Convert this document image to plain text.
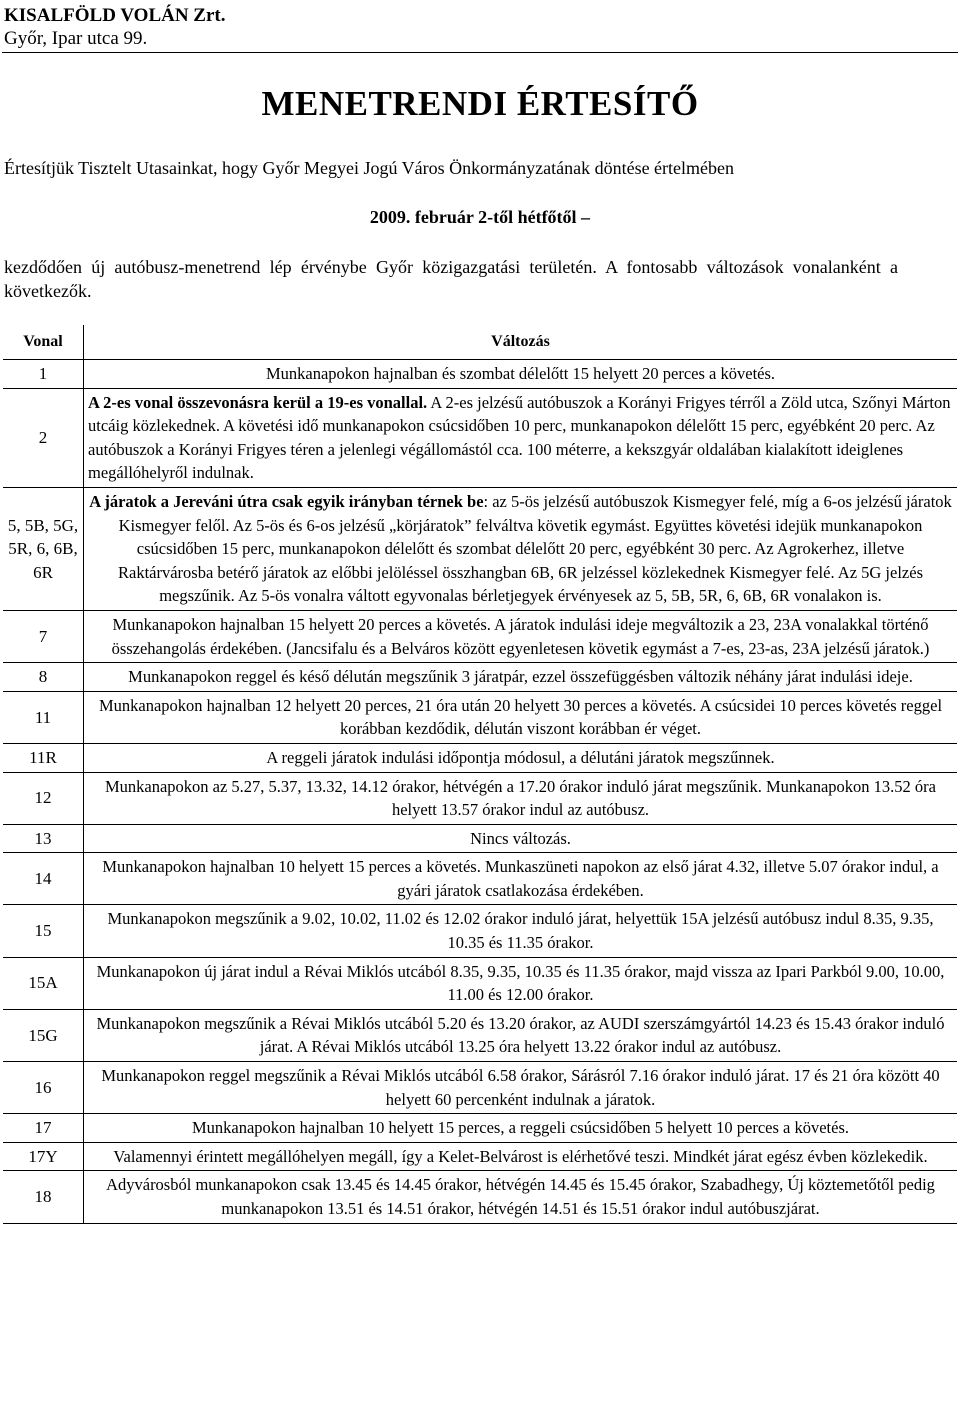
KISALFÖLD VOLÁN Zrt.
Győr, Ipar utca 99.
MENETRENDI ÉRTESÍTŐ
Értesítjük Tisztelt Utasainkat, hogy Győr Megyei Jogú Város Önkormányzatának döntése értelmében
2009. február 2-től hétfőtől –
kezdődően új autóbusz-menetrend lép érvénybe Győr közigazgatási területén. A fontosabb változások vonalanként a következők.
Vonal	Változás
1	Munkanapokon hajnalban és szombat délelőtt 15 helyett 20 perces a követés.
2	A 2-es vonal összevonásra kerül a 19-es vonallal. A 2-es jelzésű autóbuszok a Korányi Frigyes térről a Zöld utca, Szőnyi Márton utcáig közlekednek. A követési idő munkanapokon csúcsidőben 10 perc, munkanapokon délelőtt 15 perc, egyébként 20 perc. Az autóbuszok a Korányi Frigyes téren a jelenlegi végállomástól cca. 100 méterre, a kekszgyár oldalában kialakított ideiglenes megállóhelyről indulnak.
5, 5B, 5G, 5R, 6, 6B, 6R	A járatok a Jereváni útra csak egyik irányban térnek be: az 5-ös jelzésű autóbuszok Kismegyer felé, míg a 6-os jelzésű járatok Kismegyer felől. Az 5-ös és 6-os jelzésű „körjáratok” felváltva követik egymást. Együttes követési idejük munkanapokon csúcsidőben 15 perc, munkanapokon délelőtt és szombat délelőtt 20 perc, egyébként 30 perc. Az Agrokerhez, illetve Raktárvárosba betérő járatok az előbbi jelöléssel összhangban 6B, 6R jelzéssel közlekednek Kismegyer felé. Az 5G jelzés megszűnik. Az 5-ös vonalra váltott egyvonalas bérletjegyek érvényesek az 5, 5B, 5R, 6, 6B, 6R vonalakon is.
7	Munkanapokon hajnalban 15 helyett 20 perces a követés. A járatok indulási ideje megváltozik a 23, 23A vonalakkal történő összehangolás érdekében. (Jancsifalu és a Belváros között egyenletesen követik egymást a 7-es, 23-as, 23A jelzésű járatok.)
8	Munkanapokon reggel és késő délután megszűnik 3 járatpár, ezzel összefüggésben változik néhány járat indulási ideje.
11	Munkanapokon hajnalban 12 helyett 20 perces, 21 óra után 20 helyett 30 perces a követés. A csúcsidei 10 perces követés reggel korábban kezdődik, délután viszont korábban ér véget.
11R	A reggeli járatok indulási időpontja módosul, a délutáni járatok megszűnnek.
12	Munkanapokon az 5.27, 5.37, 13.32, 14.12 órakor, hétvégén a 17.20 órakor induló járat megszűnik. Munkanapokon 13.52 óra helyett 13.57 órakor indul az autóbusz.
13	Nincs változás.
14	Munkanapokon hajnalban 10 helyett 15 perces a követés. Munkaszüneti napokon az első járat 4.32, illetve 5.07 órakor indul, a gyári járatok csatlakozása érdekében.
15	Munkanapokon megszűnik a 9.02, 10.02, 11.02 és 12.02 órakor induló járat, helyettük 15A jelzésű autóbusz indul 8.35, 9.35, 10.35 és 11.35 órakor.
15A	Munkanapokon új járat indul a Révai Miklós utcából 8.35, 9.35, 10.35 és 11.35 órakor, majd vissza az Ipari Parkból 9.00, 10.00, 11.00 és 12.00 órakor.
15G	Munkanapokon megszűnik a Révai Miklós utcából 5.20 és 13.20 órakor, az AUDI szerszámgyártól 14.23 és 15.43 órakor induló járat. A Révai Miklós utcából 13.25 óra helyett 13.22 órakor indul az autóbusz.
16	Munkanapokon reggel megszűnik a Révai Miklós utcából 6.58 órakor, Sárásról 7.16 órakor induló járat. 17 és 21 óra között 40 helyett 60 percenként indulnak a járatok.
17	Munkanapokon hajnalban 10 helyett 15 perces, a reggeli csúcsidőben 5 helyett 10 perces a követés.
17Y	Valamennyi érintett megállóhelyen megáll, így a Kelet-Belvárost is elérhetővé teszi. Mindkét járat egész évben közlekedik.
18	Adyvárosból munkanapokon csak 13.45 és 14.45 órakor, hétvégén 14.45 és 15.45 órakor, Szabadhegy, Új köztemetőtől pedig munkanapokon 13.51 és 14.51 órakor, hétvégén 14.51 és 15.51 órakor indul autóbuszjárat.
